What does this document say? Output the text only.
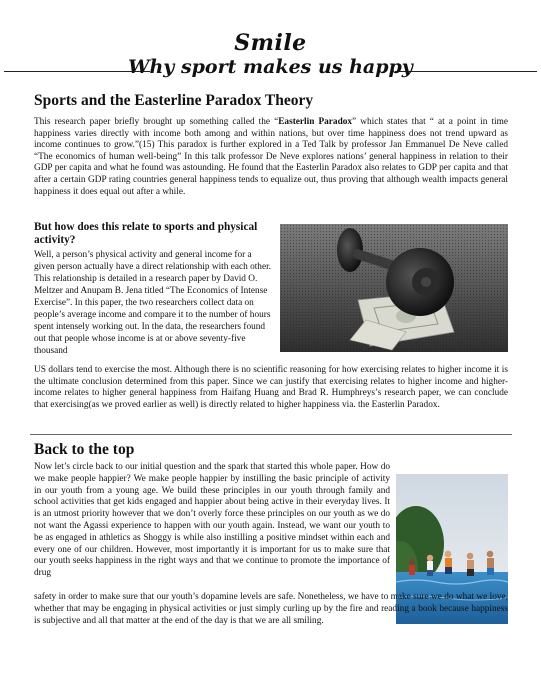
Smile
Why sport makes us happy
Sports and the Easterline Paradox Theory

This research paper briefly brought up something called the “Easterlin Paradox” which states that “ at a point in time happiness varies directly with income both among and within nations, but over time happiness does not trend upward as income continues to grow.”(15) This paradox is further explored in a Ted Talk by professor Jan Emmanuel De Neve called “The economics of human well-being” In this talk professor De Neve explores nations’ general happiness in relation to their GDP per capita and what he found was astounding. He found that the Easterlin Paradox also relates to GDP per capita and that after a certain GDP rating countries general happiness tends to equalize out, thus proving that although wealth impacts general happiness it does equal out after a while.

But how does this relate to sports and physical activity?

Well, a person’s physical activity and general income for a given person actually have a direct relationship with each other. This relationship is detailed in a research paper by David O. Meltzer and Anupam B. Jena titled “The Economics of Intense Exercise”. In this paper, the two researchers collect data on people’s average income and compare it to the number of hours spent intensely working out. In the data, the researchers found out that people whose income is at or above seventy-five thousand

US dollars tend to exercise the most. Although there is no scientific reasoning for how exercising relates to higher income it is the ultimate conclusion determined from this paper. Since we can justify that exercising relates to higher income and higher-income relates to higher general happiness from Haifang Huang and Brad R. Humphreys’s research paper, we can conclude that exercising(as we proved earlier as well) is directly related to higher happiness via. the Easterlin Paradox.

Back to the top

Now let’s circle back to our initial question and the spark that started this whole paper. How do we make people happier? We make people happier by instilling the basic principle of activity in our youth from a young age. We build these principles in our youth through family and school activities that get kids engaged and happier about being active in their everyday lives. It is an utmost priority however that we don’t overly force these principles on our youth as we do not want the Agassi experience to happen with our youth again. Instead, we want our youth to be as engaged in athletics as Shoggy is while also instilling a positive mindset within each and every one of our children. However, most importantly it is important for us to make sure that our youth seeks happiness in the right ways and that we continue to promote the importance of drug

safety in order to make sure that our youth’s dopamine levels are safe. Nonetheless, we have to make sure we do what we love, whether that may be engaging in physical activities or just simply curling up by the fire and reading a book because happiness is subjective and all that matter at the end of the day is that we are all smiling.
